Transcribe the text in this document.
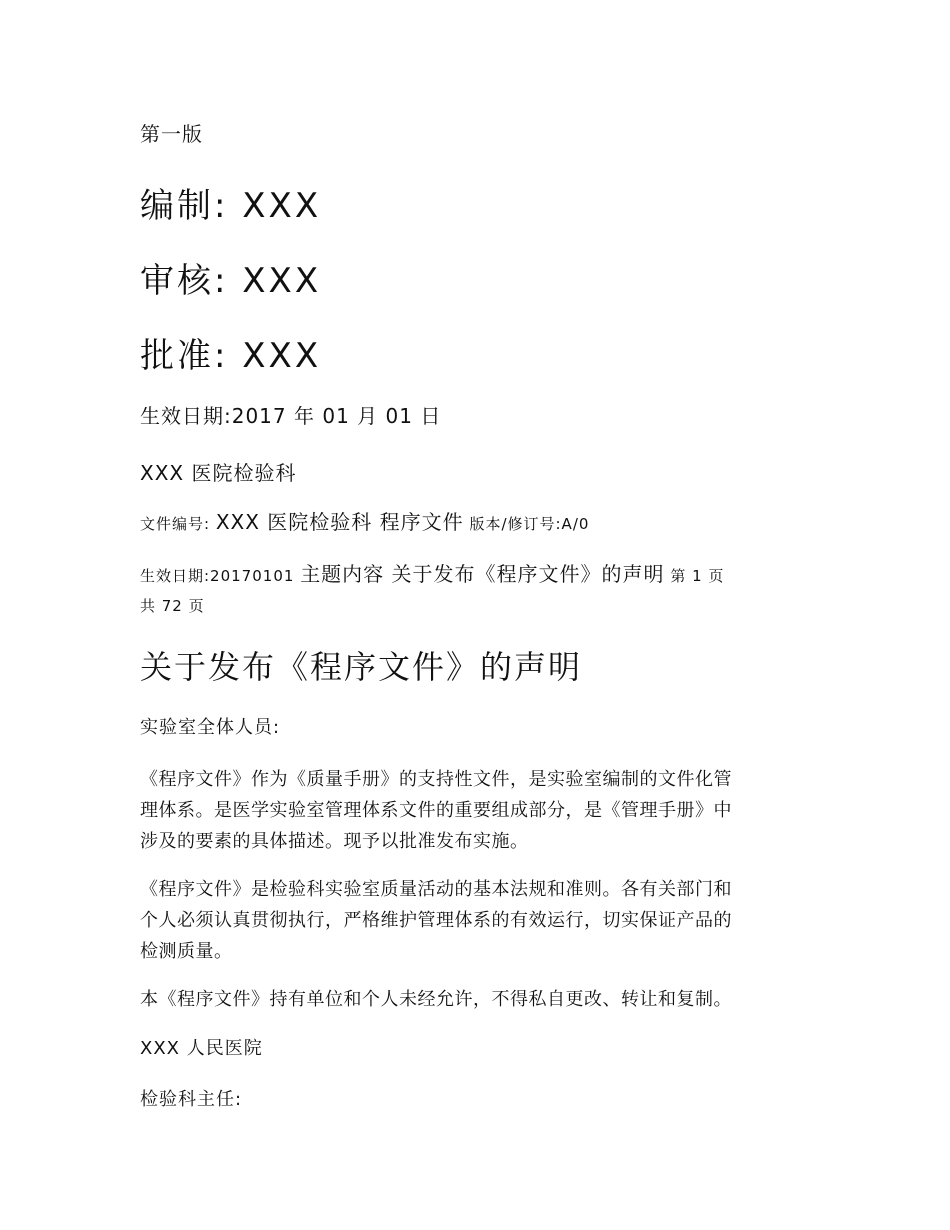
第一版
编制: XXX
审核: XXX
批准: XXX
生效日期:2017 年 01 月 01 日
XXX 医院检验科
文件编号: XXX 医院检验科 程序文件 版本/修订号:A/0
生效日期:20170101 主题内容 关于发布《程序文件》的声明 第 1 页
共 72 页
关于发布《程序文件》的声明
实验室全体人员:
《程序文件》作为《质量手册》的支持性文件，是实验室编制的文件化管
理体系。是医学实验室管理体系文件的重要组成部分，是《管理手册》中
涉及的要素的具体描述。现予以批准发布实施。
《程序文件》是检验科实验室质量活动的基本法规和准则。各有关部门和
个人必须认真贯彻执行，严格维护管理体系的有效运行，切实保证产品的
检测质量。
本《程序文件》持有单位和个人未经允许，不得私自更改、转让和复制。
XXX 人民医院
检验科主任:
